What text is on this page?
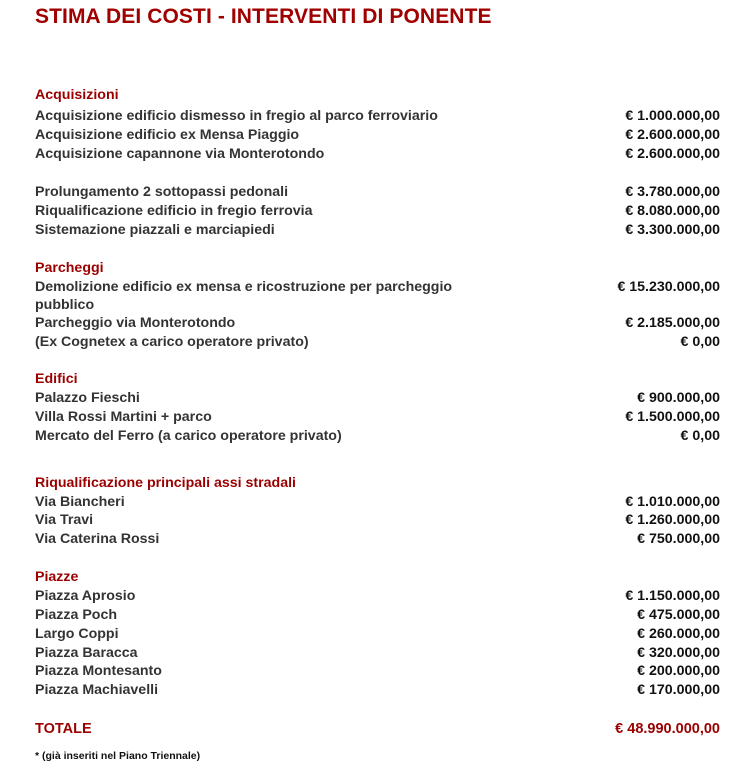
STIMA DEI COSTI - INTERVENTI DI PONENTE
Acquisizioni
Acquisizione edificio dismesso in fregio al parco ferroviario	€ 1.000.000,00
Acquisizione edificio ex Mensa Piaggio	€ 2.600.000,00
Acquisizione capannone via Monterotondo	€ 2.600.000,00
Prolungamento 2 sottopassi pedonali	€ 3.780.000,00
Riqualificazione edificio in fregio ferrovia	€ 8.080.000,00
Sistemazione piazzali e marciapiedi	€ 3.300.000,00
Parcheggi
Demolizione edificio ex mensa e ricostruzione per parcheggio	€ 15.230.000,00
pubblico
Parcheggio via Monterotondo	€ 2.185.000,00
(Ex Cognetex a carico operatore privato)	€ 0,00
Edifici
Palazzo Fieschi	€ 900.000,00
Villa Rossi Martini + parco	€ 1.500.000,00
Mercato del Ferro (a carico operatore privato)	€ 0,00
Riqualificazione principali assi stradali
Via Biancheri	€ 1.010.000,00
Via Travi	€ 1.260.000,00
Via Caterina Rossi	€ 750.000,00
Piazze
Piazza Aprosio	€ 1.150.000,00
Piazza Poch	€ 475.000,00
Largo Coppi	€ 260.000,00
Piazza Baracca	€ 320.000,00
Piazza Montesanto	€ 200.000,00
Piazza Machiavelli	€ 170.000,00
TOTALE	€ 48.990.000,00
* (già inseriti nel Piano Triennale)
